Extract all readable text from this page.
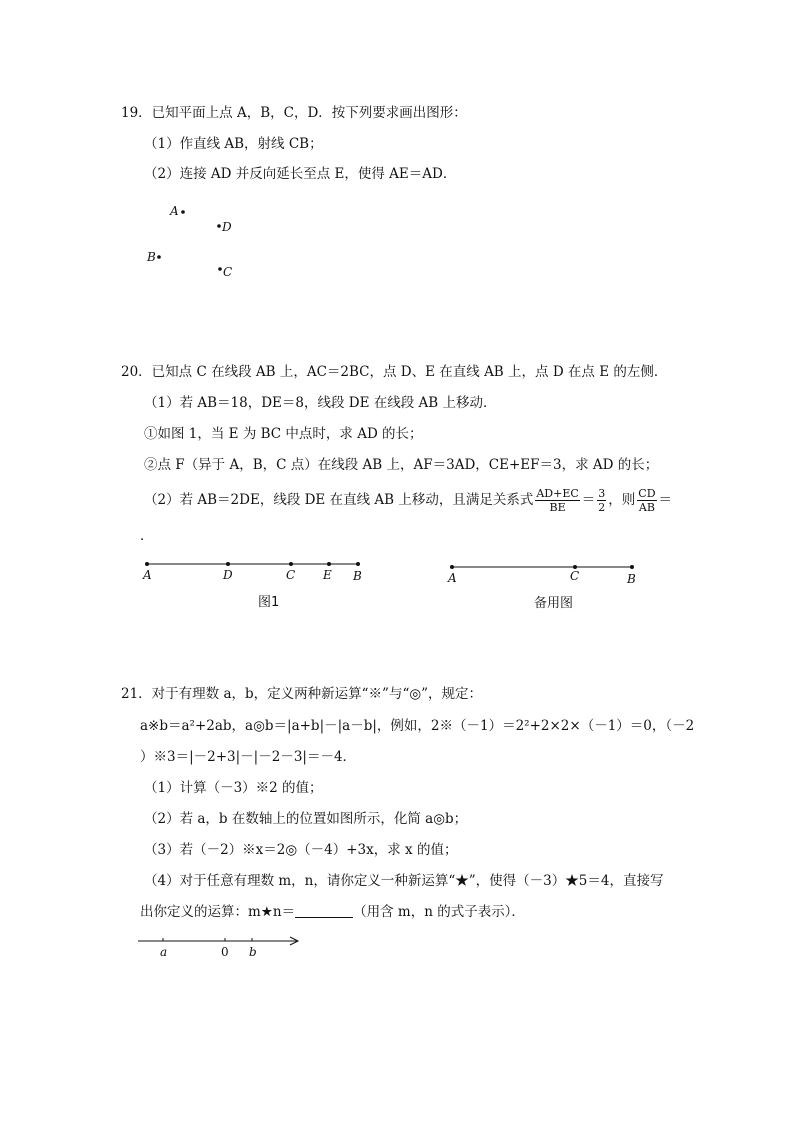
19．已知平面上点 A，B，C，D．按下列要求画出图形：
（1）作直线 AB，射线 CB；
（2）连接 AD 并反向延长至点 E，使得 AE＝AD．
A
D
B
C
20．已知点 C 在线段 AB 上，AC＝2BC，点 D、E 在直线 AB 上，点 D 在点 E 的左侧．
（1）若 AB＝18，DE＝8，线段 DE 在线段 AB 上移动．
①如图 1，当 E 为 BC 中点时，求 AD 的长；
②点 F（异于 A，B，C 点）在线段 AB 上，AF＝3AD，CE+EF＝3，求 AD 的长；
（2）若 AB＝2DE，线段 DE 在直线 AB 上移动，且满足关系式 $\frac{AD+EC}{BE} = \frac{3}{2}$ ，则 $\frac{CD}{AB}$ ＝
．
A	D	C E B
图1
A	C	B
备用图
21．对于有理数 a，b，定义两种新运算“※”与“◎”，规定：
a※b＝a²+2ab，a◎b＝|a+b|－|a－b|，例如，2※（－1）＝2²+2×2×（－1）＝0，（－2
）※3＝|－2+3|－|－2－3|＝－4．
（1）计算（－3）※2 的值；
（2）若 a，b 在数轴上的位置如图所示，化简 a◎b；
（3）若（－2）※x＝2◎（－4）+3x，求 x 的值；
（4）对于任意有理数 m，n，请你定义一种新运算“★”，使得（－3）★5＝4，直接写
出你定义的运算：m★n＝	（用含 m，n 的式子表示）．
a	0 b
